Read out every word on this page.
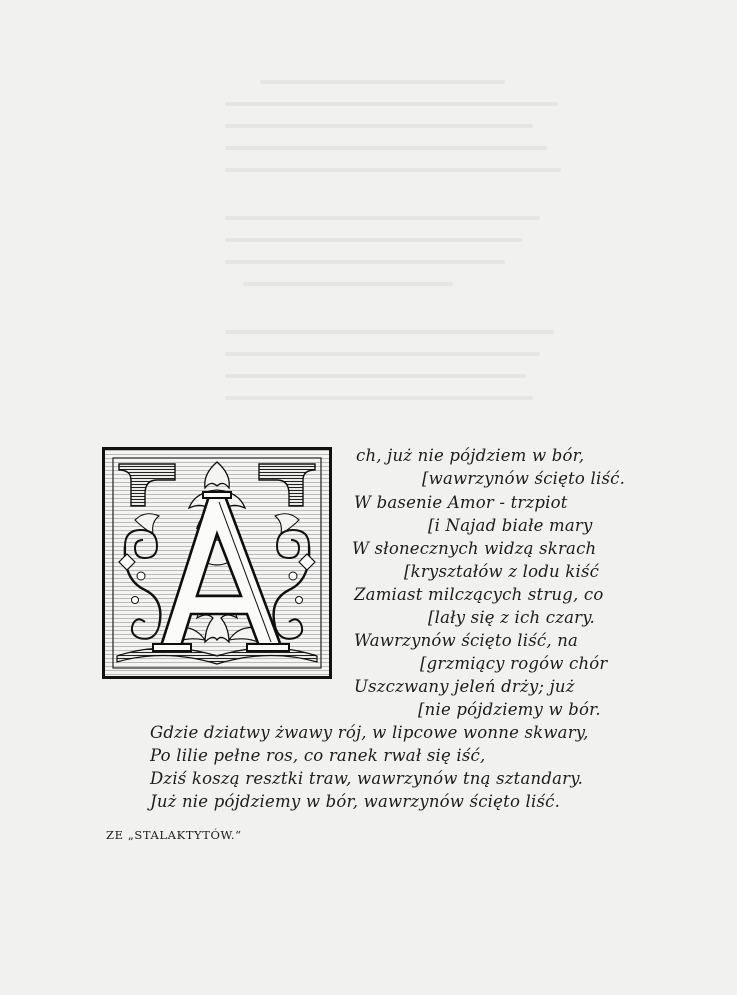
ch, już nie pójdziem w bór,
[wawrzynów ścięto liść.
W basenie Amor - trzpiot
[i Najad białe mary
W słonecznych widzą skrach
[kryształów z lodu kiść
Zamiast milczących strug, co
[lały się z ich czary.
Wawrzynów ścięto liść, na
[grzmiący rogów chór
Uszczwany jeleń drży; już
[nie pójdziemy w bór.
Gdzie dziatwy żwawy rój, w lipcowe wonne skwary,
Po lilie pełne ros, co ranek rwał się iść,
Dziś koszą resztki traw, wawrzynów tną sztandary.
Już nie pójdziemy w bór, wawrzynów ścięto liść.
ZE „STALAKTYTÓW.“
